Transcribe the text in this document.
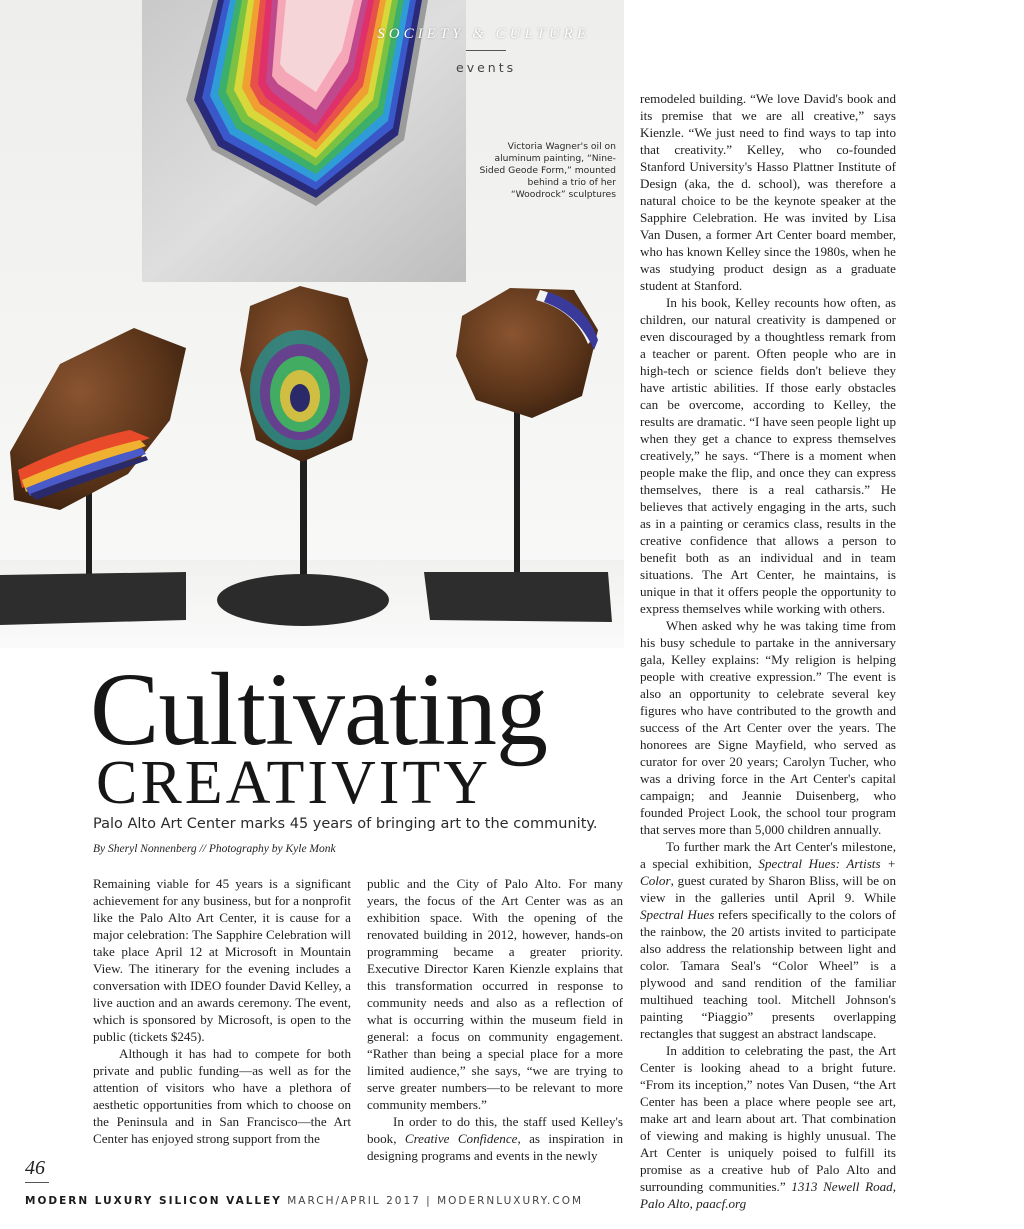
SOCIETY & CULTURE
events
Victoria Wagner's oil on aluminum painting, “Nine-Sided Geode Form,” mounted behind a trio of her “Woodrock” sculptures
Cultivating
CREATIVITY
Palo Alto Art Center marks 45 years of bringing art to the community.
By Sheryl Nonnenberg // Photography by Kyle Monk

Remaining viable for 45 years is a significant achievement for any business, but for a nonprofit like the Palo Alto Art Center, it is cause for a major celebration: The Sapphire Celebration will take place April 12 at Microsoft in Mountain View. The itinerary for the evening includes a conversation with IDEO founder David Kelley, a live auction and an awards ceremony. The event, which is sponsored by Microsoft, is open to the public (tickets $245).

Although it has had to compete for both private and public funding—as well as for the attention of visitors who have a plethora of aesthetic opportunities from which to choose on the Peninsula and in San Francisco—the Art Center has enjoyed strong support from the

public and the City of Palo Alto. For many years, the focus of the Art Center was as an exhibition space. With the opening of the renovated building in 2012, however, hands-on programming became a greater priority. Executive Director Karen Kienzle explains that this transformation occurred in response to community needs and also as a reflection of what is occurring within the museum field in general: a focus on community engagement. “Rather than being a special place for a more limited audience,” she says, “we are trying to serve greater numbers—to be relevant to more community members.”

In order to do this, the staff used Kelley's book, Creative Confidence, as inspiration in designing programs and events in the newly

remodeled building. “We love David's book and its premise that we are all creative,” says Kienzle. “We just need to find ways to tap into that creativity.” Kelley, who co-founded Stanford University's Hasso Plattner Institute of Design (aka, the d. school), was therefore a natural choice to be the keynote speaker at the Sapphire Celebration. He was invited by Lisa Van Dusen, a former Art Center board member, who has known Kelley since the 1980s, when he was studying product design as a graduate student at Stanford.

In his book, Kelley recounts how often, as children, our natural creativity is dampened or even discouraged by a thoughtless remark from a teacher or parent. Often people who are in high-tech or science fields don't believe they have artistic abilities. If those early obstacles can be overcome, according to Kelley, the results are dramatic. “I have seen people light up when they get a chance to express themselves creatively,” he says. “There is a moment when people make the flip, and once they can express themselves, there is a real catharsis.” He believes that actively engaging in the arts, such as in a painting or ceramics class, results in the creative confidence that allows a person to benefit both as an individual and in team situations. The Art Center, he maintains, is unique in that it offers people the opportunity to express themselves while working with others.

When asked why he was taking time from his busy schedule to partake in the anniversary gala, Kelley explains: “My religion is helping people with creative expression.” The event is also an opportunity to celebrate several key figures who have contributed to the growth and success of the Art Center over the years. The honorees are Signe Mayfield, who served as curator for over 20 years; Carolyn Tucher, who was a driving force in the Art Center's capital campaign; and Jeannie Duisenberg, who founded Project Look, the school tour program that serves more than 5,000 children annually.

To further mark the Art Center's milestone, a special exhibition, Spectral Hues: Artists + Color, guest curated by Sharon Bliss, will be on view in the galleries until April 9. While Spectral Hues refers specifically to the colors of the rainbow, the 20 artists invited to participate also address the relationship between light and color. Tamara Seal's “Color Wheel” is a plywood and sand rendition of the familiar multihued teaching tool. Mitchell Johnson's painting “Piaggio” presents overlapping rectangles that suggest an abstract landscape.

In addition to celebrating the past, the Art Center is looking ahead to a bright future. “From its inception,” notes Van Dusen, “the Art Center has been a place where people see art, make art and learn about art. That combination of viewing and making is highly unusual. The Art Center is uniquely poised to fulfill its promise as a creative hub of Palo Alto and surrounding communities.” 1313 Newell Road, Palo Alto, paacf.org

46
MODERN LUXURY SILICON VALLEY MARCH/APRIL 2017 | MODERNLUXURY.COM
